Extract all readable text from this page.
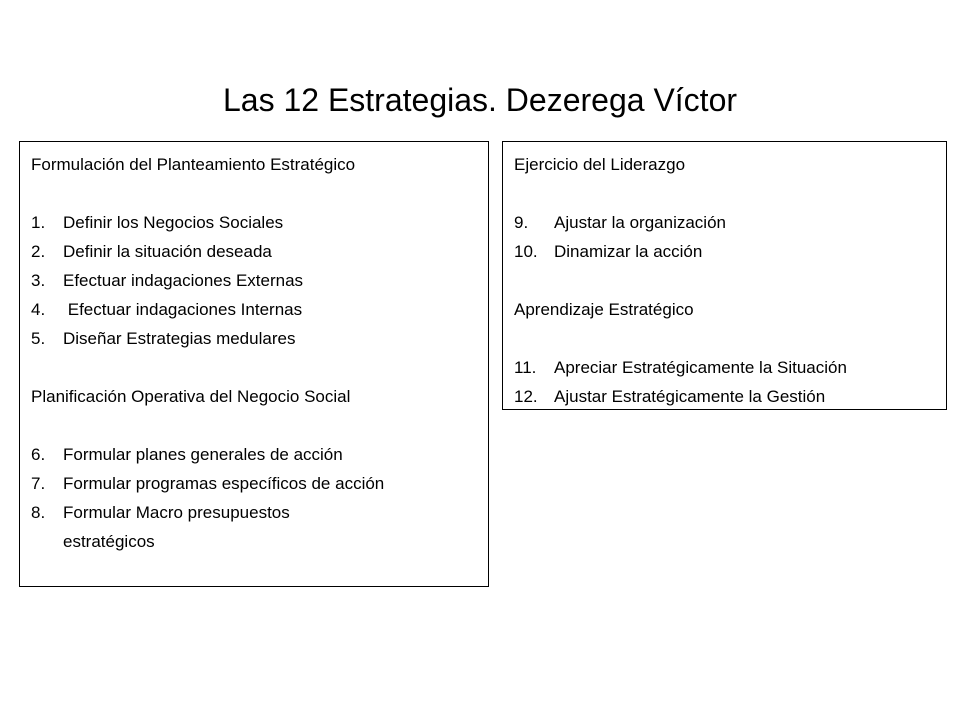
Las 12 Estrategias. Dezerega Víctor
Formulación del Planteamiento Estratégico
1.	Definir los Negocios Sociales
2.	Definir la situación deseada
3.	Efectuar indagaciones Externas
4.	Efectuar indagaciones Internas
5.	Diseñar Estrategias medulares
Planificación Operativa del Negocio Social
6.	Formular planes generales de acción
7.	Formular programas específicos de acción
8.	Formular Macro presupuestos estratégicos
Ejercicio del Liderazgo
9.	Ajustar la organización
10. Dinamizar la acción
Aprendizaje Estratégico
11.	Apreciar Estratégicamente la Situación
12. Ajustar Estratégicamente la Gestión
